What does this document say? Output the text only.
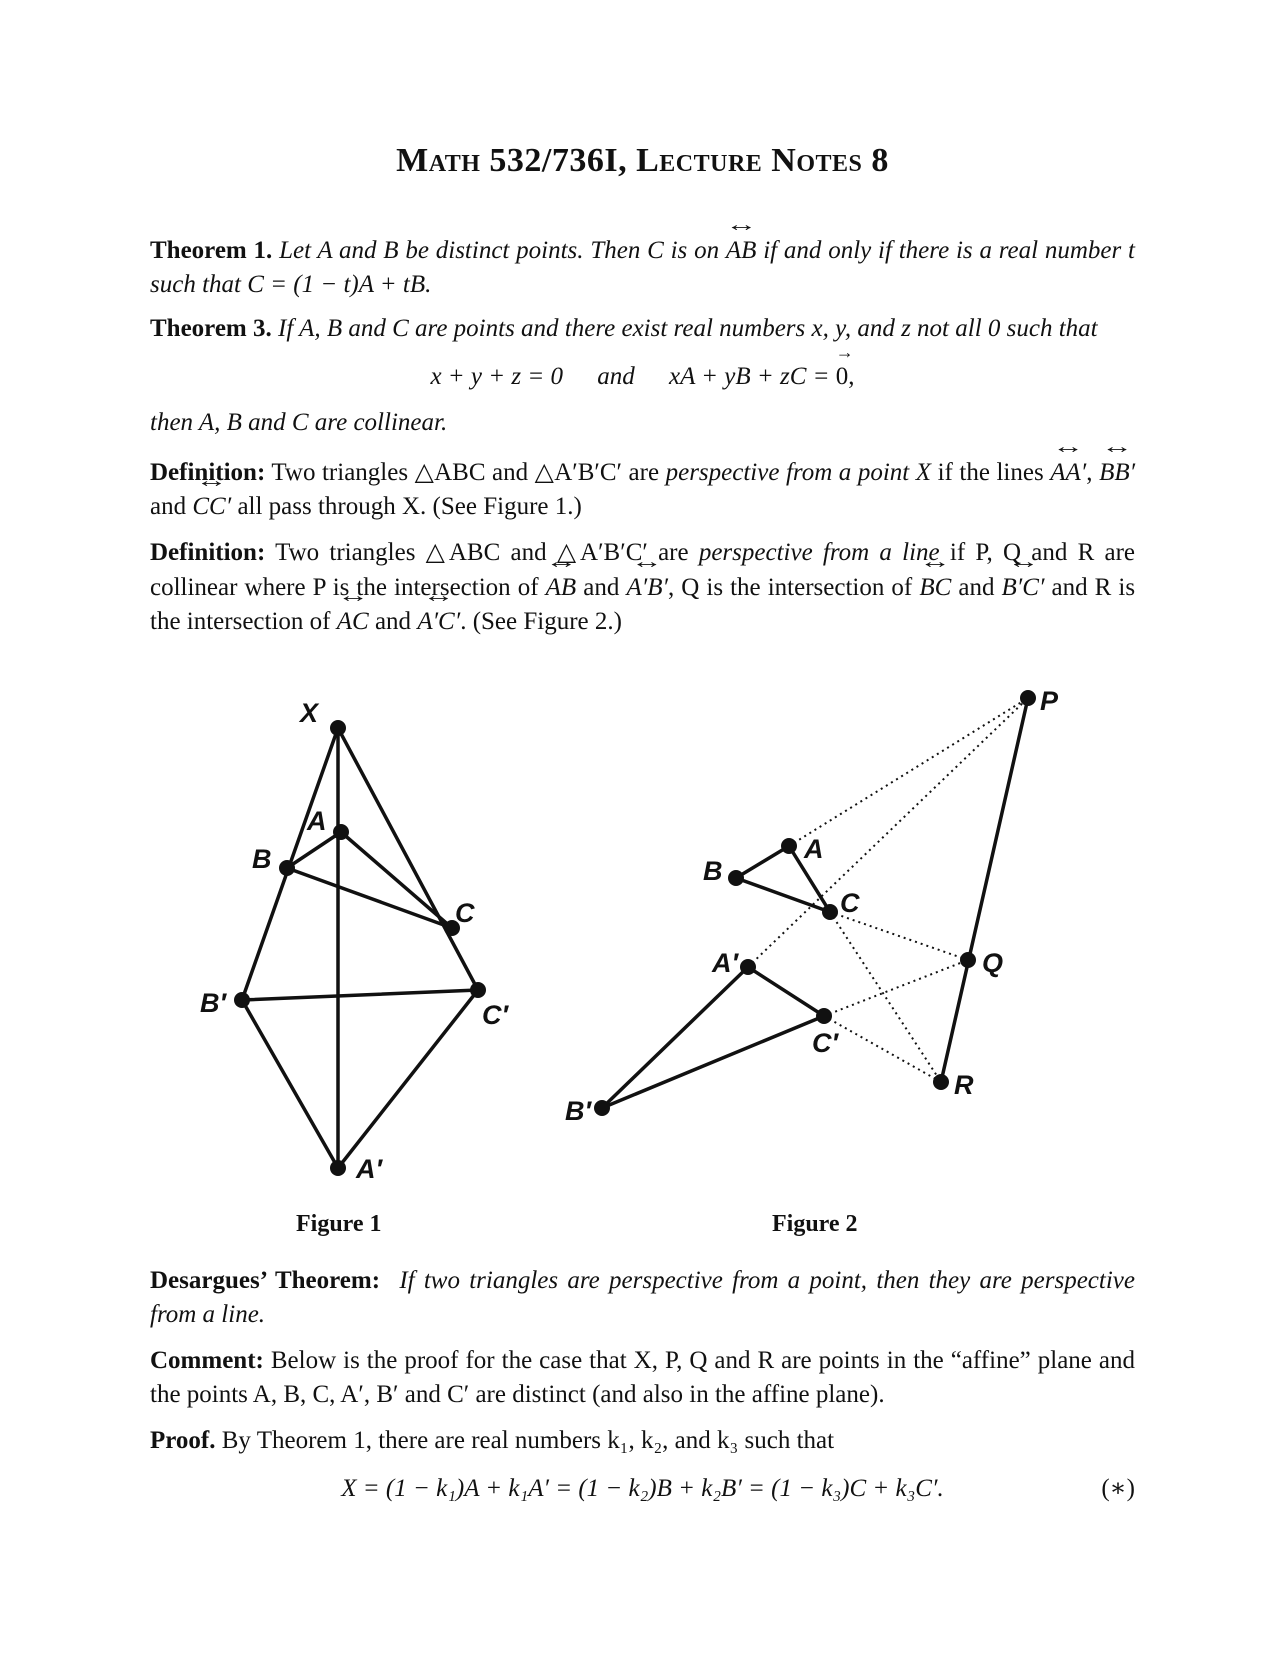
Math 532/736I, Lecture Notes 8

Theorem 1. Let A and B be distinct points. Then C is on ↔ AB if and only if there is a real number t such that C = (1 − t)A + tB.

Theorem 3. If A, B and C are points and there exist real numbers x, y, and z not all 0 such that

x + y + z = 0 and xA + yB + zC = → 0,

then A, B and C are collinear.

Definition: Two triangles △ABC and △A′B′C′ are perspective from a point X if the lines ↔ AA′, ↔ BB′ and ↔ CC′ all pass through X. (See Figure 1.)

Definition: Two triangles △ABC and △A′B′C′ are perspective from a line if P, Q and R are collinear where P is the intersection of ↔ AB and ↔ A′B′, Q is the intersection of ↔ BC and ↔ B′C′ and R is the intersection of ↔ AC and ↔ A′C′. (See Figure 2.)

X
A
B
C
B′	C′
A′
P
A
B
C
Q
A′
C′
R
B′
Figure 1	Figure 2

Desargues’ Theorem: If two triangles are perspective from a point, then they are perspective from a line.

Comment: Below is the proof for the case that X, P, Q and R are points in the “affine” plane and the points A, B, C, A′, B′ and C′ are distinct (and also in the affine plane).

Proof. By Theorem 1, there are real numbers k₁, k₂, and k₃ such that

X = (1 − k₁)A + k₁A′ = (1 − k₂)B + k₂B′ = (1 − k₃)C + k₃C′.	(∗)
